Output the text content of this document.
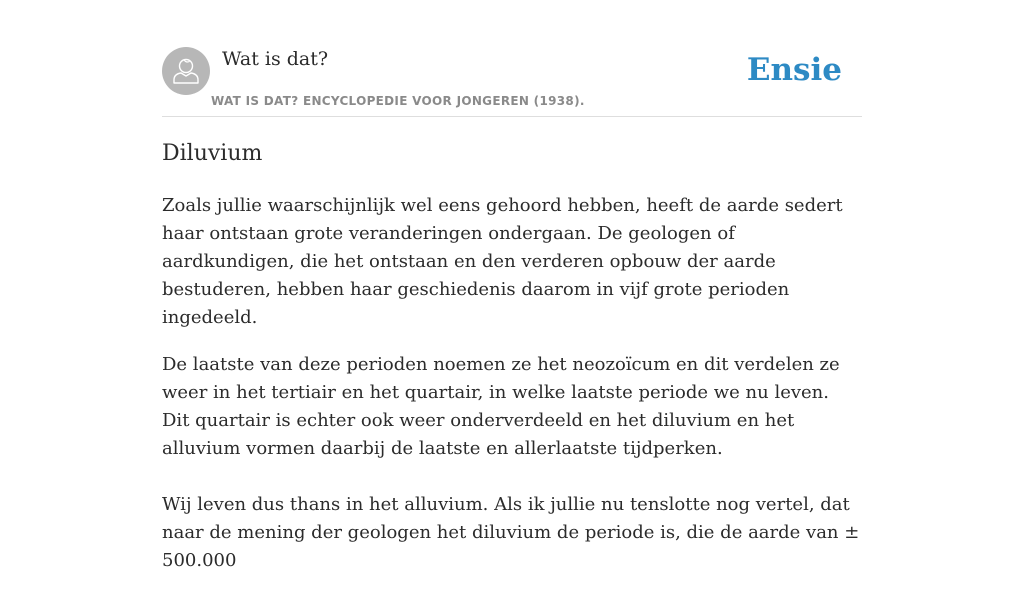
Wat is dat?
WAT IS DAT? ENCYCLOPEDIE VOOR JONGEREN (1938).
Ensie
Diluvium

Zoals jullie waarschijnlijk wel eens gehoord hebben, heeft de aarde sedert haar ontstaan grote veranderingen ondergaan. De geologen of aardkundigen, die het ontstaan en den verderen opbouw der aarde bestuderen, hebben haar geschiedenis daarom in vijf grote perioden ingedeeld.

De laatste van deze perioden noemen ze het neozoïcum en dit verdelen ze weer in het tertiair en het quartair, in welke laatste periode we nu leven. Dit quartair is echter ook weer onderverdeeld en het diluvium en het alluvium vormen daarbij de laatste en allerlaatste tijdperken.

Wij leven dus thans in het alluvium. Als ik jullie nu tenslotte nog vertel, dat naar de mening der geologen het diluvium de periode is, die de aarde van ± 500.000
